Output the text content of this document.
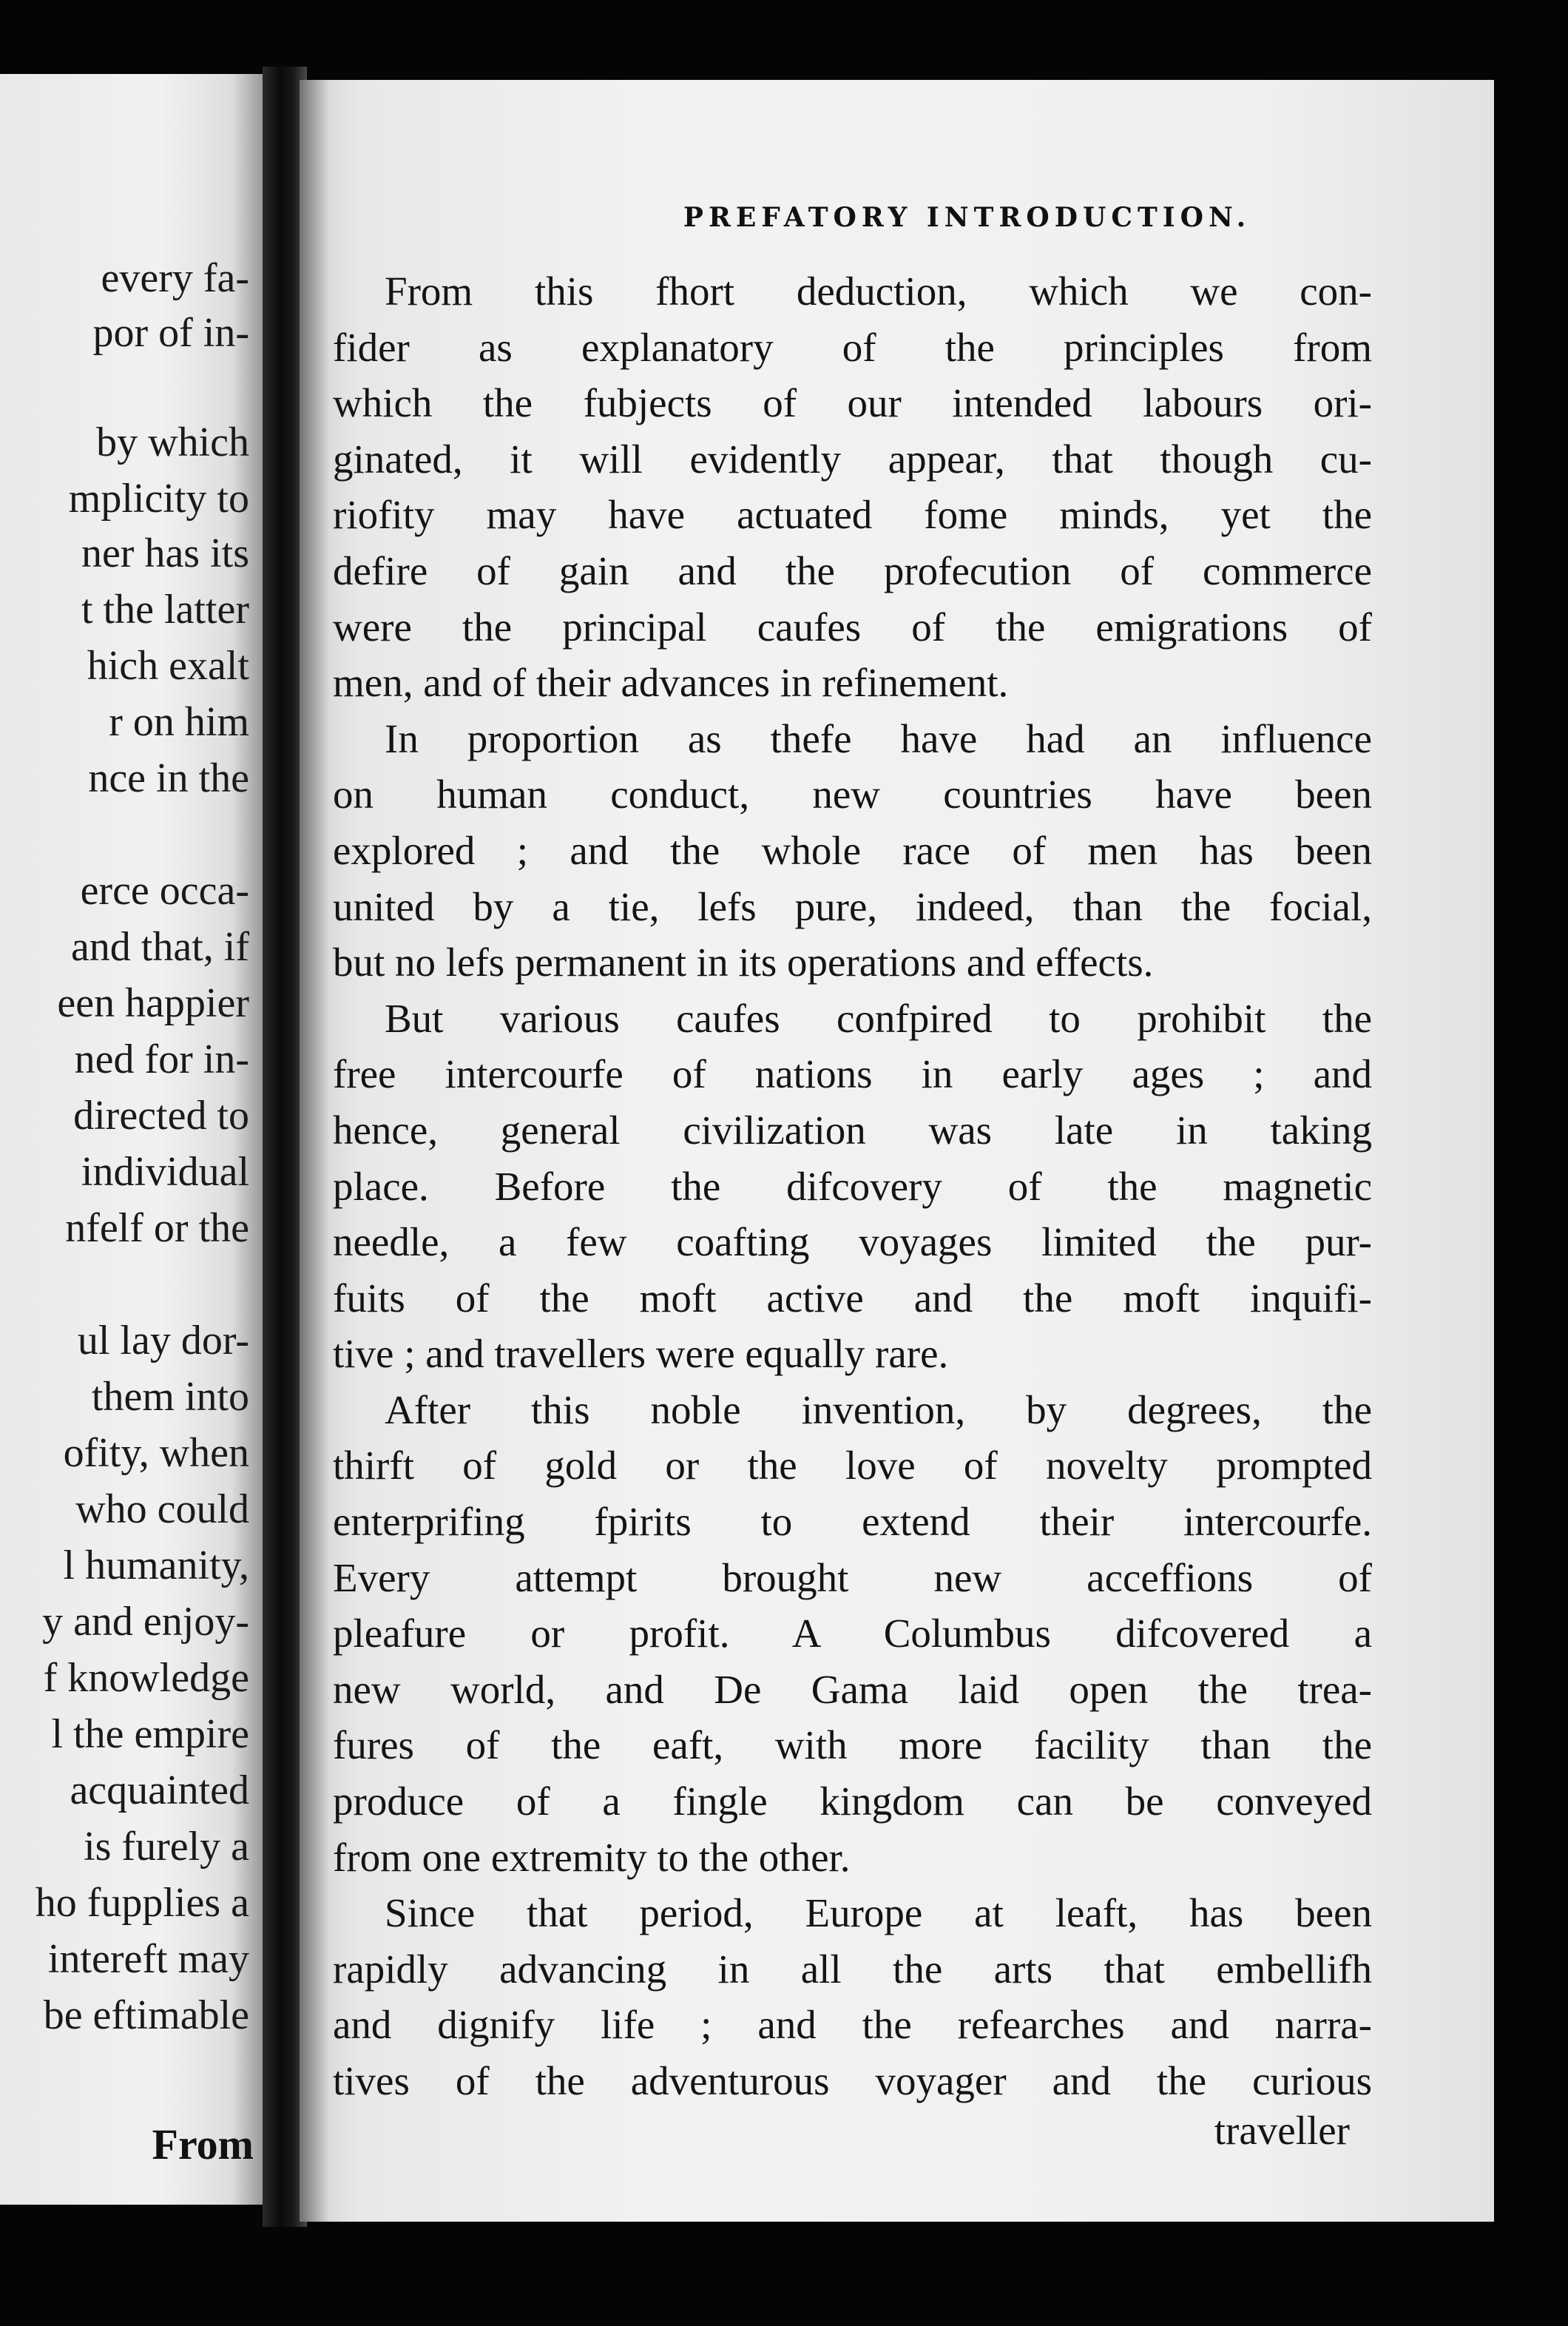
every fa-
por of in-
by which
mplicity to
ner has its
t the latter
hich exalt
r on him
nce in the
erce occa-
and that, if
een happier
ned for in-
directed to
individual
nfelf or the
ul lay dor-
them into
ofity, when
who could
l humanity,
y and enjoy-
f knowledge
l the empire
acquainted
is furely a
ho fupplies a
intereft may
be eftimable
From
PREFATORY INTRODUCTION.
From this fhort deduction, which we con-
fider as explanatory of the principles from
which the fubjects of our intended labours ori-
ginated, it will evidently appear, that though cu-
riofity may have actuated fome minds, yet the
defire of gain and the profecution of commerce
were the principal caufes of the emigrations of
men, and of their advances in refinement.
In proportion as thefe have had an influence
on human conduct, new countries have been
explored ; and the whole race of men has been
united by a tie, lefs pure, indeed, than the focial,
but no lefs permanent in its operations and effects.
But various caufes confpired to prohibit the
free intercourfe of nations in early ages ; and
hence, general civilization was late in taking
place. Before the difcovery of the magnetic
needle, a few coafting voyages limited the pur-
fuits of the moft active and the moft inquifi-
tive ; and travellers were equally rare.
After this noble invention, by degrees, the
thirft of gold or the love of novelty prompted
enterprifing fpirits to extend their intercourfe.
Every attempt brought new acceffions of
pleafure or profit. A Columbus difcovered a
new world, and De Gama laid open the trea-
fures of the eaft, with more facility than the
produce of a fingle kingdom can be conveyed
from one extremity to the other.
Since that period, Europe at leaft, has been
rapidly advancing in all the arts that embellifh
and dignify life ; and the refearches and narra-
tives of the adventurous voyager and the curious
traveller
